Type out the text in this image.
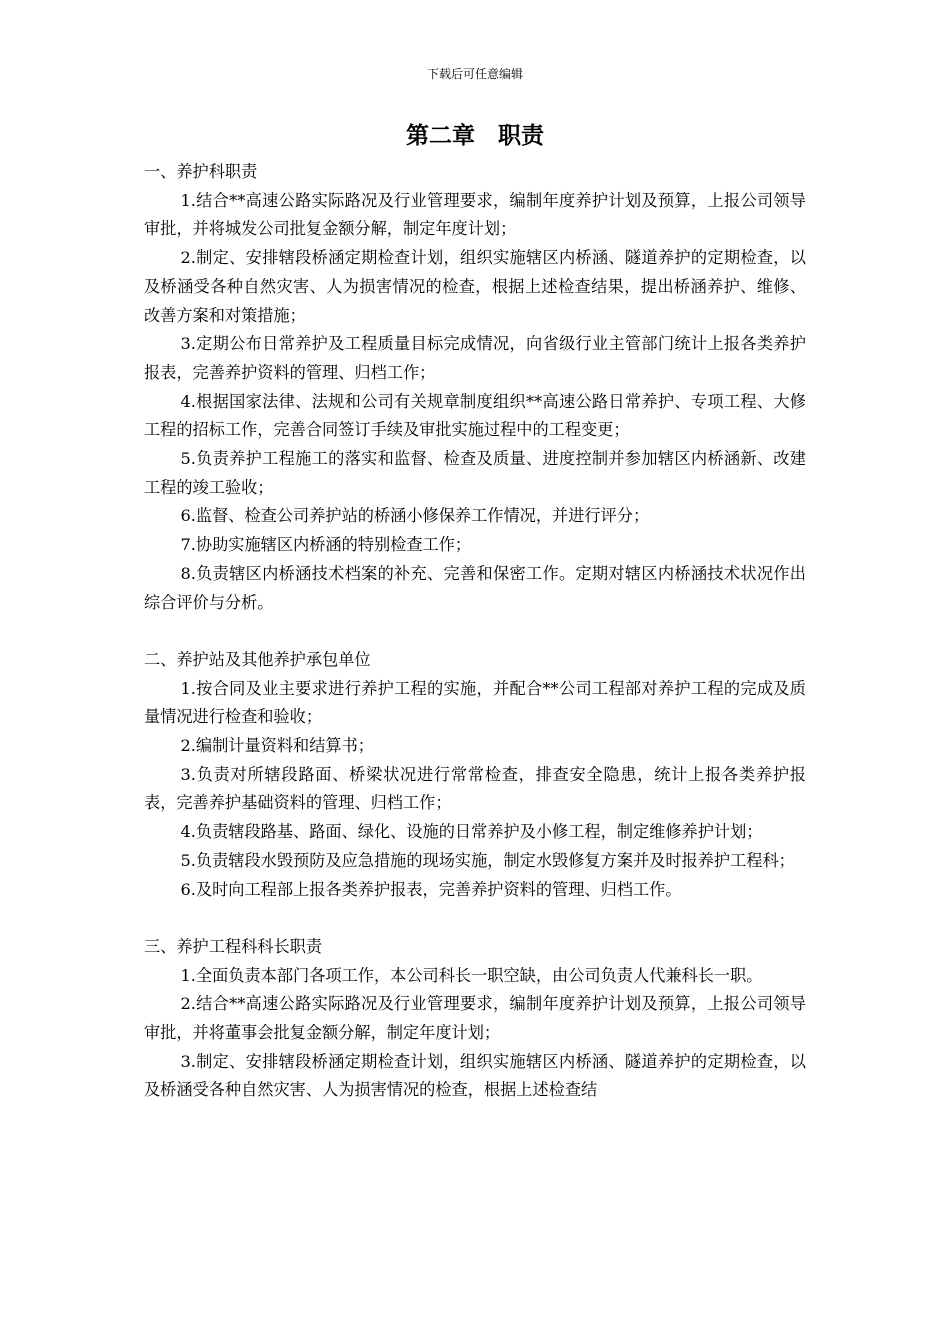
下载后可任意编辑
第二章　职责

一、养护科职责

1.结合**高速公路实际路况及行业管理要求，编制年度养护计划及预算，上报公司领导审批，并将城发公司批复金额分解，制定年度计划；

2.制定、安排辖段桥涵定期检查计划，组织实施辖区内桥涵、隧道养护的定期检查，以及桥涵受各种自然灾害、人为损害情况的检查，根据上述检查结果，提出桥涵养护、维修、改善方案和对策措施；

3.定期公布日常养护及工程质量目标完成情况，向省级行业主管部门统计上报各类养护报表，完善养护资料的管理、归档工作；

4.根据国家法律、法规和公司有关规章制度组织**高速公路日常养护、专项工程、大修工程的招标工作，完善合同签订手续及审批实施过程中的工程变更；

5.负责养护工程施工的落实和监督、检查及质量、进度控制并参加辖区内桥涵新、改建工程的竣工验收；

6.监督、检查公司养护站的桥涵小修保养工作情况，并进行评分；

7.协助实施辖区内桥涵的特别检查工作；

8.负责辖区内桥涵技术档案的补充、完善和保密工作。定期对辖区内桥涵技术状况作出综合评价与分析。

二、养护站及其他养护承包单位

1.按合同及业主要求进行养护工程的实施，并配合**公司工程部对养护工程的完成及质量情况进行检查和验收；

2.编制计量资料和结算书；

3.负责对所辖段路面、桥梁状况进行常常检查，排查安全隐患，统计上报各类养护报表，完善养护基础资料的管理、归档工作；

4.负责辖段路基、路面、绿化、设施的日常养护及小修工程，制定维修养护计划；

5.负责辖段水毁预防及应急措施的现场实施，制定水毁修复方案并及时报养护工程科；

6.及时向工程部上报各类养护报表，完善养护资料的管理、归档工作。

三、养护工程科科长职责

1.全面负责本部门各项工作，本公司科长一职空缺，由公司负责人代兼科长一职。

2.结合**高速公路实际路况及行业管理要求，编制年度养护计划及预算，上报公司领导审批，并将董事会批复金额分解，制定年度计划；

3.制定、安排辖段桥涵定期检查计划，组织实施辖区内桥涵、隧道养护的定期检查，以及桥涵受各种自然灾害、人为损害情况的检查，根据上述检查结
